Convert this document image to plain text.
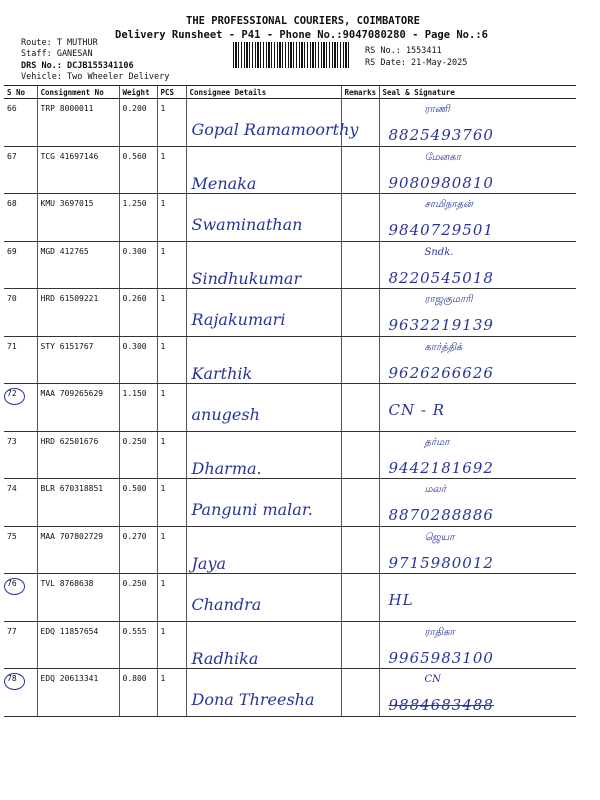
THE PROFESSIONAL COURIERS, COIMBATORE
Delivery Runsheet - P41 - Phone No.:9047080280 - Page No.:6
Route: T MUTHUR
Staff: GANESAN
DRS No.: DCJB155341106
Vehicle: Two Wheeler Delivery
RS No.: 1553411
RS Date: 21-May-2025
S No	Consignment No	Weight	PCS	Consignee Details	Remarks	Seal & Signature

66	TRP 8000011	0.200	1	Gopal Ramamoorthy		ராணி
8825493760

67	TCG 41697146	0.560	1	Menaka		மேனகா
9080980810

68	KMU 3697015	1.250	1	Swaminathan		சாமிநாதன்
9840729501

69	MGD 412765	0.300	1	Sindhukumar		Sndk.
8220545018

70	HRD 61509221	0.260	1	Rajakumari		ராஜகுமாரி
9632219139

71	STY 6151767	0.300	1	Karthik		கார்த்திக்
9626266626

72	MAA 709265629	1.150	1	anugesh		CN - R

73	HRD 62501676	0.250	1	Dharma.		தர்மா
9442181692

74	BLR 670318851	0.500	1	Panguni malar.		மலர்
8870288886

75	MAA 707802729	0.270	1	Jaya		ஜெயா
9715980012

76	TVL 8768638	0.250	1	Chandra		HL

77	EDQ 11857654	0.555	1	Radhika		ராதிகா
9965983100

78	EDQ 20613341	0.800	1	Dona Threesha		CN
9884683488
